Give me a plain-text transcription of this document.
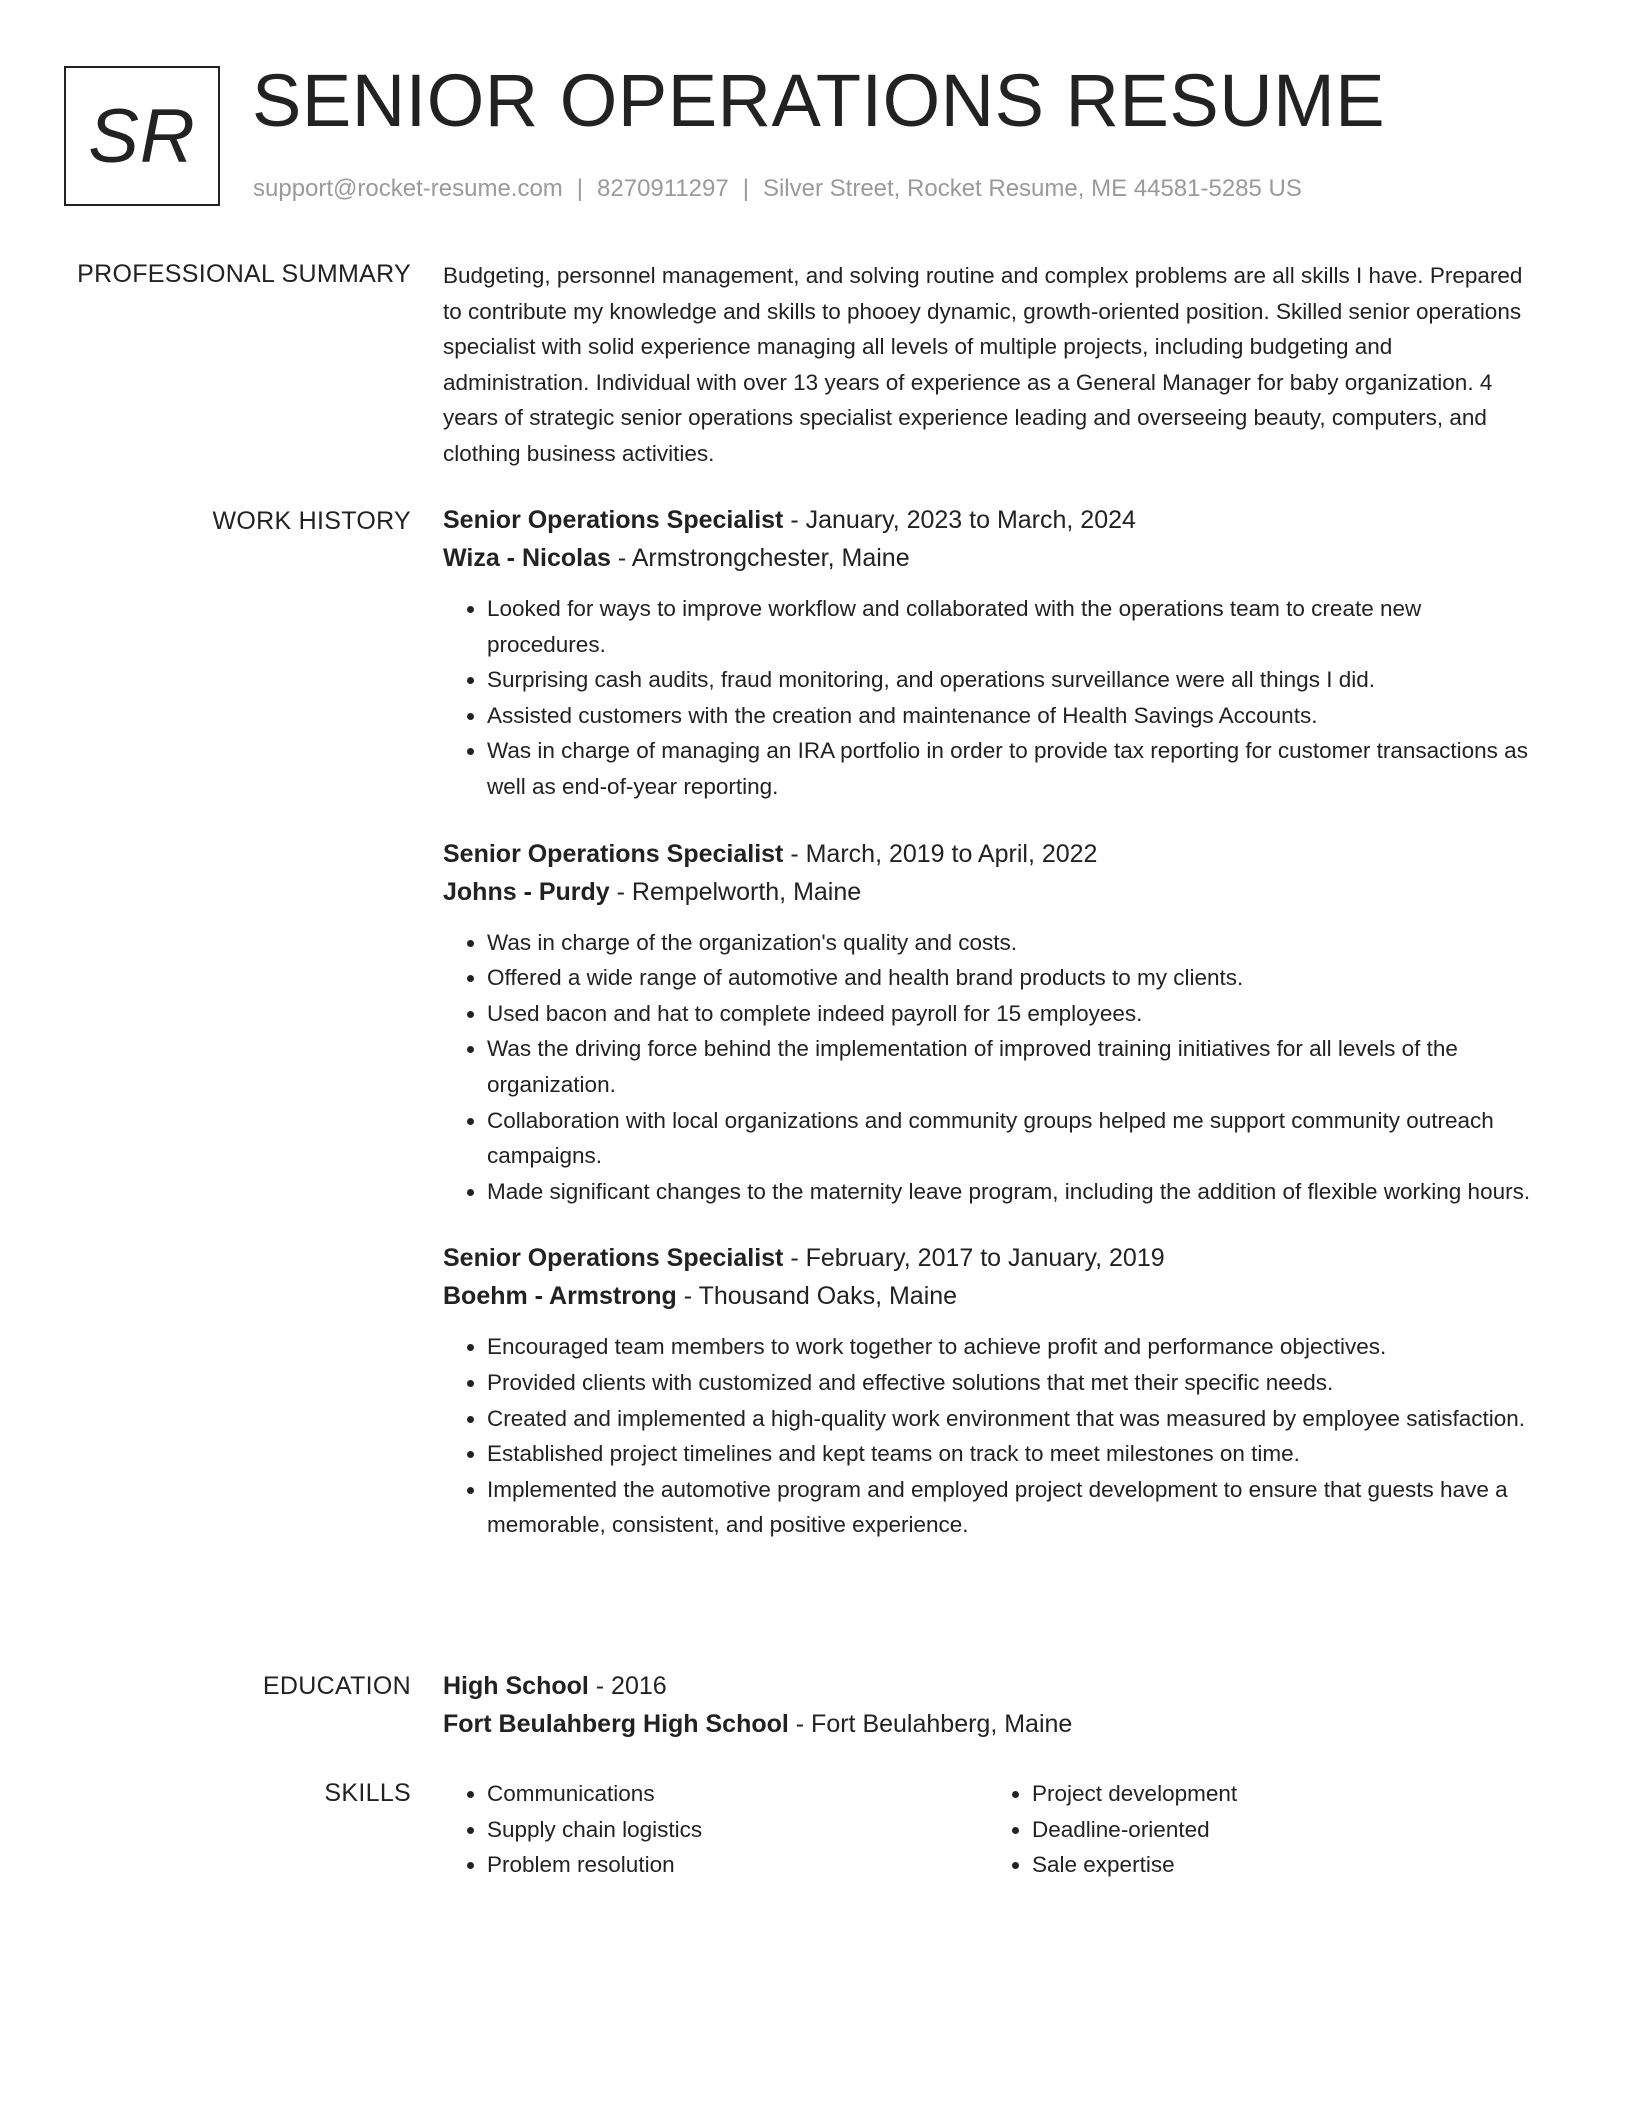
SR SENIOR OPERATIONS RESUME
support@rocket-resume.com | 8270911297 | Silver Street, Rocket Resume, ME 44581-5285 US
PROFESSIONAL SUMMARY Budgeting, personnel management, and solving routine and complex problems are all skills I have. Prepared to contribute my knowledge and skills to phooey dynamic, growth-oriented position. Skilled senior operations specialist with solid experience managing all levels of multiple projects, including budgeting and administration. Individual with over 13 years of experience as a General Manager for baby organization. 4 years of strategic senior operations specialist experience leading and overseeing beauty, computers, and clothing business activities.

WORK HISTORY Senior Operations Specialist - January, 2023 to March, 2024
Wiza - Nicolas - Armstrongchester, Maine
• Looked for ways to improve workflow and collaborated with the operations team to create new procedures.
• Surprising cash audits, fraud monitoring, and operations surveillance were all things I did.
• Assisted customers with the creation and maintenance of Health Savings Accounts.
• Was in charge of managing an IRA portfolio in order to provide tax reporting for customer transactions as well as end-of-year reporting.
Senior Operations Specialist - March, 2019 to April, 2022
Johns - Purdy - Rempelworth, Maine
• Was in charge of the organization's quality and costs.
• Offered a wide range of automotive and health brand products to my clients.
• Used bacon and hat to complete indeed payroll for 15 employees.
• Was the driving force behind the implementation of improved training initiatives for all levels of the organization.
• Collaboration with local organizations and community groups helped me support community outreach campaigns.
• Made significant changes to the maternity leave program, including the addition of flexible working hours.
Senior Operations Specialist - February, 2017 to January, 2019
Boehm - Armstrong - Thousand Oaks, Maine
• Encouraged team members to work together to achieve profit and performance objectives.
• Provided clients with customized and effective solutions that met their specific needs.
• Created and implemented a high-quality work environment that was measured by employee satisfaction.
• Established project timelines and kept teams on track to meet milestones on time.
• Implemented the automotive program and employed project development to ensure that guests have a memorable, consistent, and positive experience.
EDUCATION High School - 2016
Fort Beulahberg High School - Fort Beulahberg, Maine
SKILLS
•	Communications
• Supply chain logistics
• Problem resolution
• Project development
• Deadline-oriented
• Sale expertise
